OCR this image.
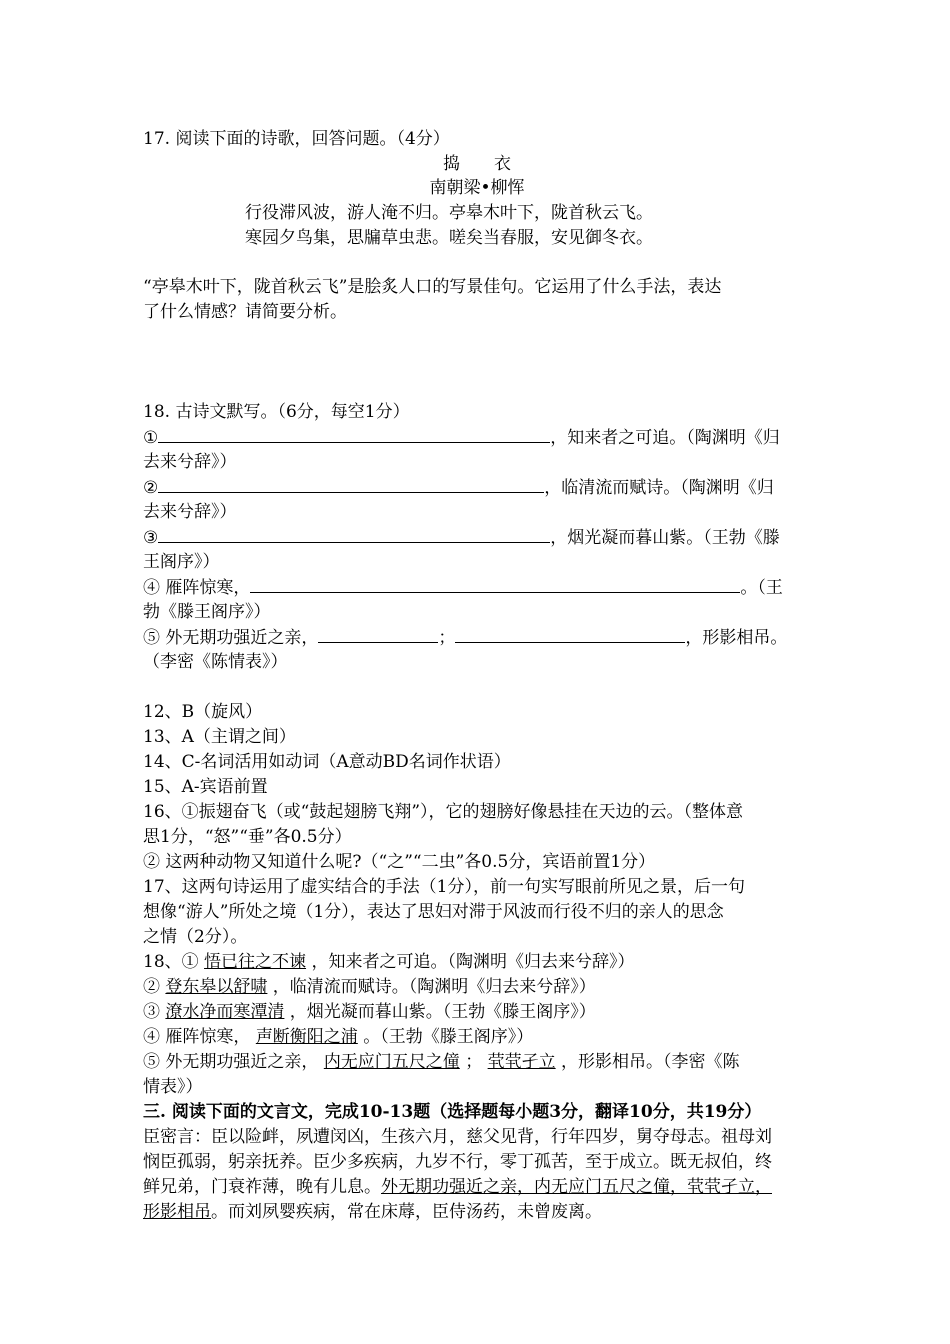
17. 阅读下面的诗歌，回答问题。（4分）
捣　　衣
南朝梁•柳恽
行役滞风波，游人淹不归。亭皋木叶下，陇首秋云飞。
寒园夕鸟集，思牖草虫悲。嗟矣当春服，安见御冬衣。
“亭皋木叶下，陇首秋云飞”是脍炙人口的写景佳句。它运用了什么手法，表达
了什么情感？请简要分析。
18. 古诗文默写。（6分，每空1分）
①	，知来者之可追。（陶渊明《归
去来兮辞》）
②	，临清流而赋诗。（陶渊明《归
去来兮辞》）
③	，烟光凝而暮山紫。（王勃《滕
王阁序》）
④ 雁阵惊寒，	。（王
勃《滕王阁序》）
⑤ 外无期功强近之亲，	；	，形影相吊。
（李密《陈情表》）
12、B（旋风）
13、A（主谓之间）
14、C-名词活用如动词（A意动BD名词作状语）
15、A-宾语前置
16、①振翅奋飞（或“鼓起翅膀飞翔”），它的翅膀好像悬挂在天边的云。（整体意
思1分，“怒”“垂”各0.5分）
② 这两种动物又知道什么呢?（“之”“二虫”各0.5分，宾语前置1分）
17、这两句诗运用了虚实结合的手法（1分），前一句实写眼前所见之景，后一句
想像“游人”所处之境（1分），表达了思妇对滞于风波而行役不归的亲人的思念
之情（2分）。
18、① 悟已往之不谏 ，知来者之可追。（陶渊明《归去来兮辞》）
② 登东皋以舒啸 ，临清流而赋诗。（陶渊明《归去来兮辞》）
③ 潦水净而寒潭清 ，烟光凝而暮山紫。（王勃《滕王阁序》）
④ 雁阵惊寒， 声断衡阳之浦 。（王勃《滕王阁序》）
⑤ 外无期功强近之亲， 内无应门五尺之僮 ； 茕茕孑立 ，形影相吊。（李密《陈
情表》）
三. 阅读下面的文言文，完成10-13题（选择题每小题3分，翻译10分，共19分）
臣密言：臣以险衅，夙遭闵凶，生孩六月，慈父见背，行年四岁，舅夺母志。祖母刘
悯臣孤弱，躬亲抚养。臣少多疾病，九岁不行，零丁孤苦，至于成立。既无叔伯，终
鲜兄弟，门衰祚薄，晚有儿息。外无期功强近之亲，内无应门五尺之僮，茕茕孑立，
形影相吊。而刘夙婴疾病，常在床蓐，臣侍汤药，未曾废离。
